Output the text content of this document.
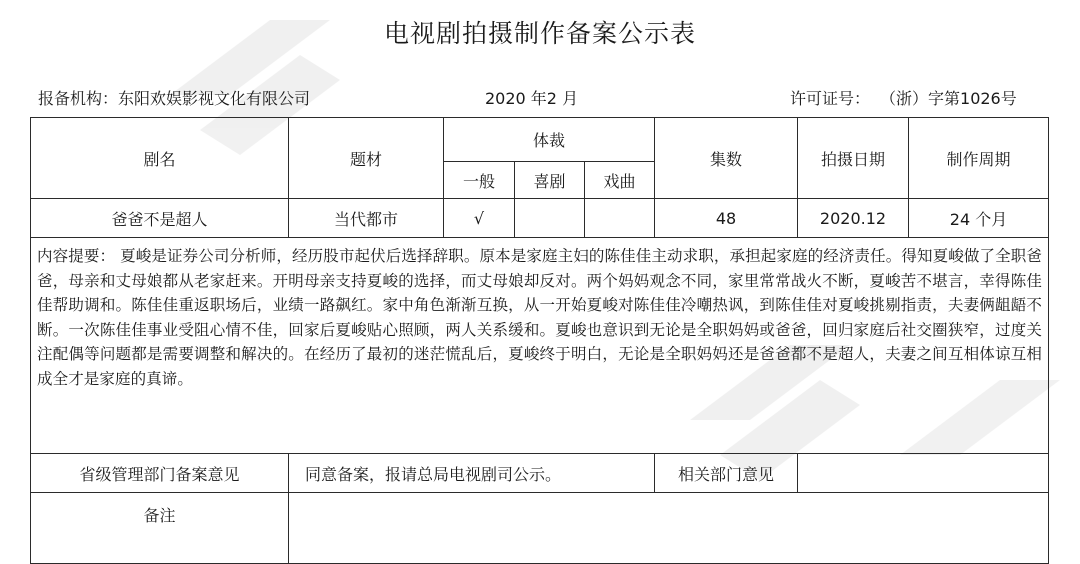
电视剧拍摄制作备案公示表
报备机构：东阳欢娱影视文化有限公司	2020 年2 月	许可证号： （浙）字第1026号
剧名	题材	体裁			集数	拍摄日期	制作周期
		一般	喜剧	戏曲			
爸爸不是超人	当代都市	√			48	2020.12	24 个月
内容提要： 夏峻是证券公司分析师，经历股市起伏后选择辞职。原本是家庭主妇的陈佳佳主动求职，承担起家庭的经济责任。得知夏峻做了全职爸爸，母亲和丈母娘都从老家赶来。开明母亲支持夏峻的选择，而丈母娘却反对。两个妈妈观念不同，家里常常战火不断，夏峻苦不堪言，幸得陈佳佳帮助调和。陈佳佳重返职场后，业绩一路飙红。家中角色渐渐互换，从一开始夏峻对陈佳佳冷嘲热讽，到陈佳佳对夏峻挑剔指责，夫妻俩龃龉不断。一次陈佳佳事业受阻心情不佳，回家后夏峻贴心照顾，两人关系缓和。夏峻也意识到无论是全职妈妈或爸爸，回归家庭后社交圈狭窄，过度关注配偶等问题都是需要调整和解决的。在经历了最初的迷茫慌乱后，夏峻终于明白，无论是全职妈妈还是爸爸都不是超人，夫妻之间互相体谅互相成全才是家庭的真谛。							
省级管理部门备案意见	同意备案，报请总局电视剧司公示。				相关部门意见		
备注							
